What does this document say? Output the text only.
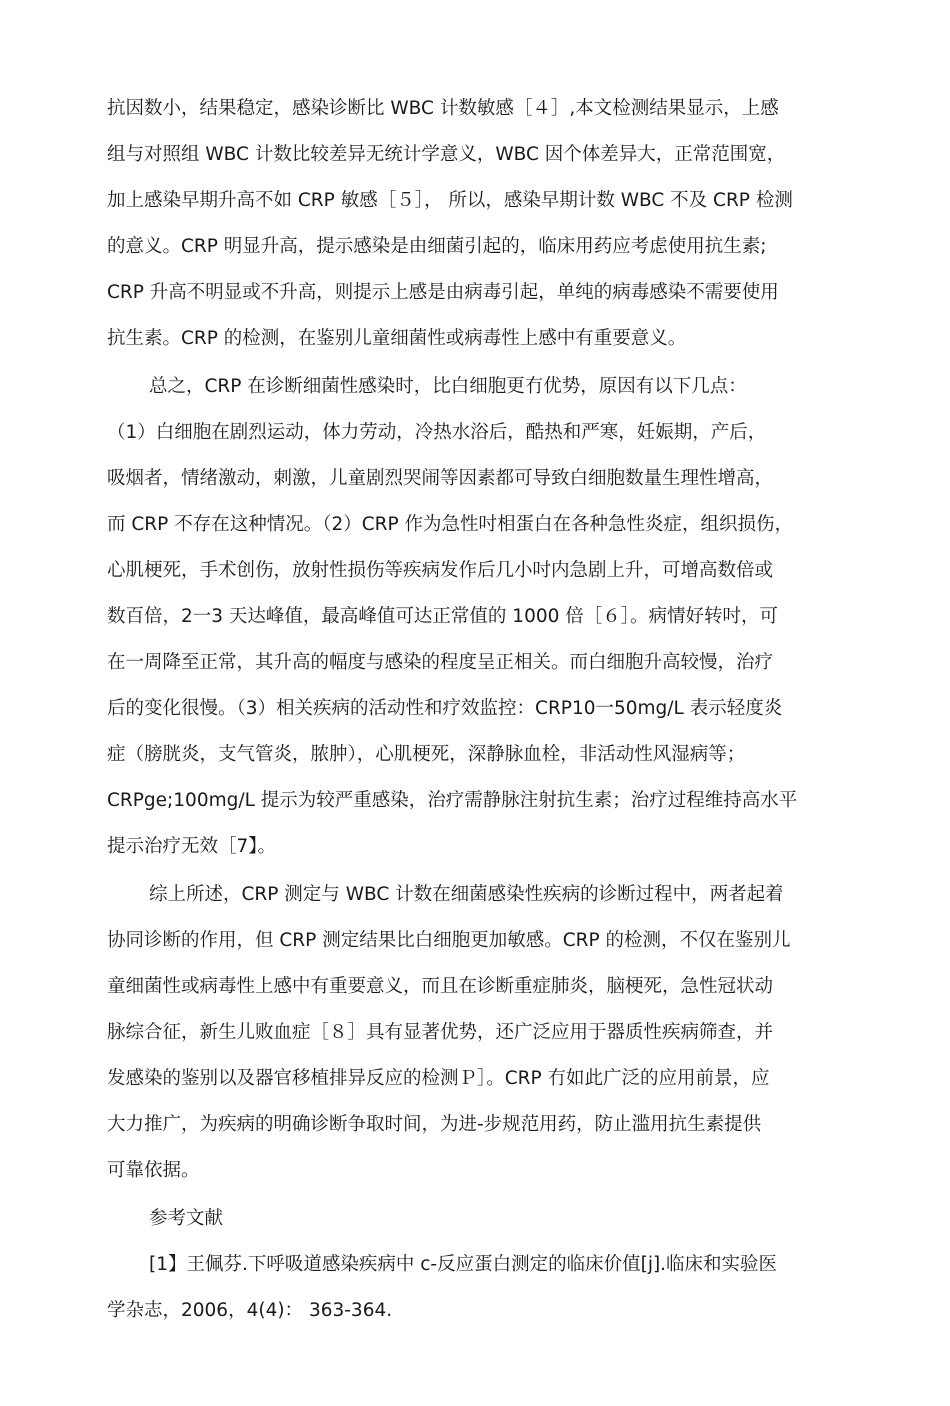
抗因数小，结果稳定，感染诊断比 WBC 计数敏感［４］,本文检测结果显示，上感
组与对照组 WBC 计数比较差异无统计学意义，WBC 因个体差异大，正常范围宽，
加上感染早期升高不如 CRP 敏感［５］， 所以，感染早期计数 WBC 不及 CRP 检测
的意义。CRP 明显升高，提示感染是由细菌引起的，临床用药应考虑使用抗生素;
CRP 升高不明显或不升高，则提示上感是由病毒引起，单纯的病毒感染不需要使用
抗生素。CRP 的检测，在鉴别儿童细菌性或病毒性上感中有重要意义。
总之，CRP 在诊断细菌性感染时，比白细胞更冇优势，原因有以下几点：
（1）白细胞在剧烈运动，体力劳动，冷热水浴后，酷热和严寒，妊娠期，产后，
吸烟者，情绪激动，刺激，儿童剧烈哭闹等因素都可导致白细胞数量生理性增高，
而 CRP 不存在这种情况。（2）CRP 作为急性吋相蛋白在各种急性炎症，组织损伤，
心肌梗死，手术创伤，放射性损伤等疾病发作后几小吋内急剧上升，可增高数倍或
数百倍，2一3 天达峰值，最高峰值可达正常值的 1000 倍［６］。病情好转吋，可
在一周降至正常，其升高的幅度与感染的程度呈正相关。而白细胞升高较慢，治疗
后的变化很慢。（3）相关疾病的活动性和疗效监控：CRP10一50mg/L 表示轻度炎
症（膀胱炎，支气管炎，脓肿），心肌梗死，深静脉血栓，非活动性风湿病等；
CRPge;100mg/L 提示为较严重感染，治疗需静脉注射抗生素；治疗过程维持高水平
提示治疗无效［7】。
综上所述，CRP 测定与 WBC 计数在细菌感染性疾病的诊断过程中，两者起着
协同诊断的作用，但 CRP 测定结果比白细胞更加敏感。CRP 的检测，不仅在鉴别儿
童细菌性或病毒性上感中有重要意义，而且在诊断重症肺炎，脑梗死，急性冠状动
脉综合征，新生儿败血症［８］具有显著优势，还广泛应用于器质性疾病筛查，并
发感染的鉴别以及器官移植排异反应的检测Ｐ］。CRP 冇如此广泛的应用前景，应
大力推广，为疾病的明确诊断争取时间，为进-步规范用药，防止滥用抗生素提供
可靠依据。
参考文献
[1】王佩芬.下呼吸道感染疾病中 c-反应蛋白测定的临床价值[j].临床和实验医
学杂志，2006，4(4)： 363-364.
